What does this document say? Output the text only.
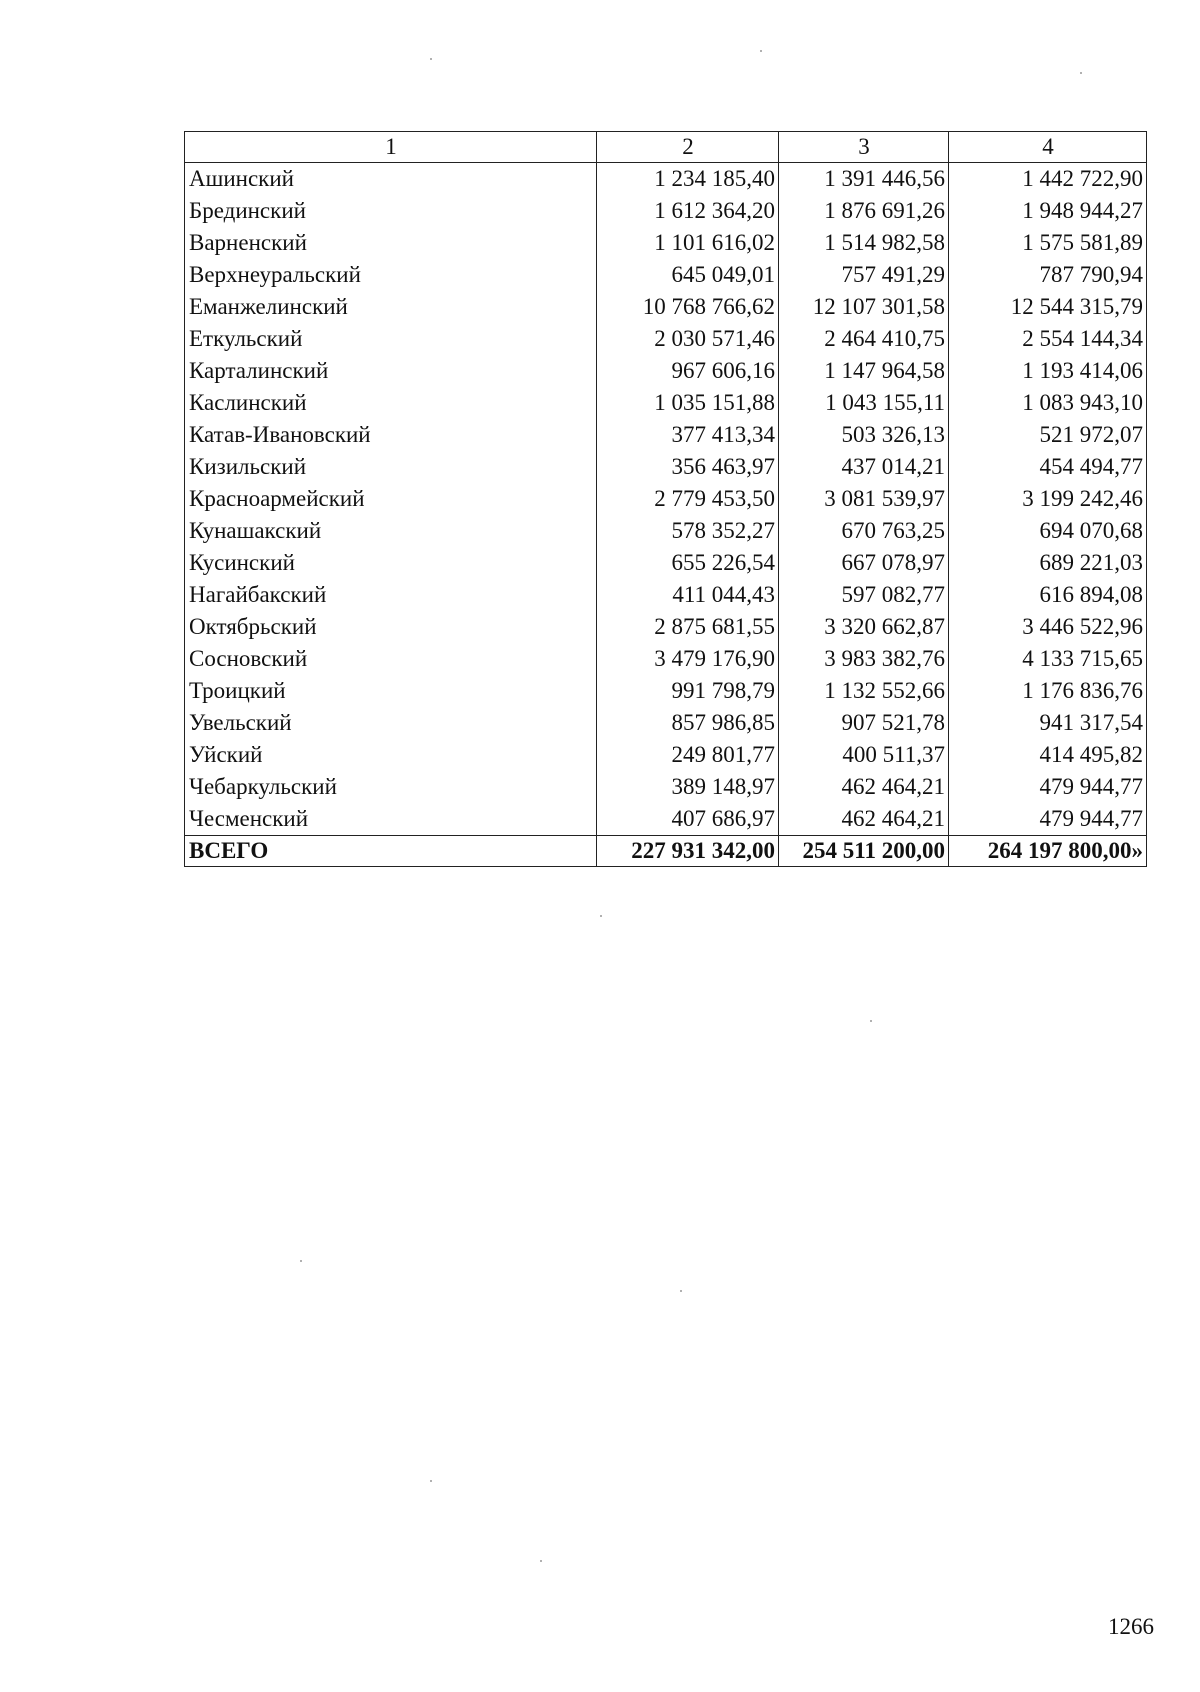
1	2	3	4
Ашинский	1 234 185,40	1 391 446,56	1 442 722,90
Брединский	1 612 364,20	1 876 691,26	1 948 944,27
Варненский	1 101 616,02	1 514 982,58	1 575 581,89
Верхнеуральский	645 049,01	757 491,29	787 790,94
Еманжелинский	10 768 766,62	12 107 301,58	12 544 315,79
Еткульский	2 030 571,46	2 464 410,75	2 554 144,34
Карталинский	967 606,16	1 147 964,58	1 193 414,06
Каслинский	1 035 151,88	1 043 155,11	1 083 943,10
Катав-Ивановский	377 413,34	503 326,13	521 972,07
Кизильский	356 463,97	437 014,21	454 494,77
Красноармейский	2 779 453,50	3 081 539,97	3 199 242,46
Кунашакский	578 352,27	670 763,25	694 070,68
Кусинский	655 226,54	667 078,97	689 221,03
Нагайбакский	411 044,43	597 082,77	616 894,08
Октябрьский	2 875 681,55	3 320 662,87	3 446 522,96
Сосновский	3 479 176,90	3 983 382,76	4 133 715,65
Троицкий	991 798,79	1 132 552,66	1 176 836,76
Увельский	857 986,85	907 521,78	941 317,54
Уйский	249 801,77	400 511,37	414 495,82
Чебаркульский	389 148,97	462 464,21	479 944,77
Чесменский	407 686,97	462 464,21	479 944,77
ВСЕГО	227 931 342,00	254 511 200,00	264 197 800,00»
1266
